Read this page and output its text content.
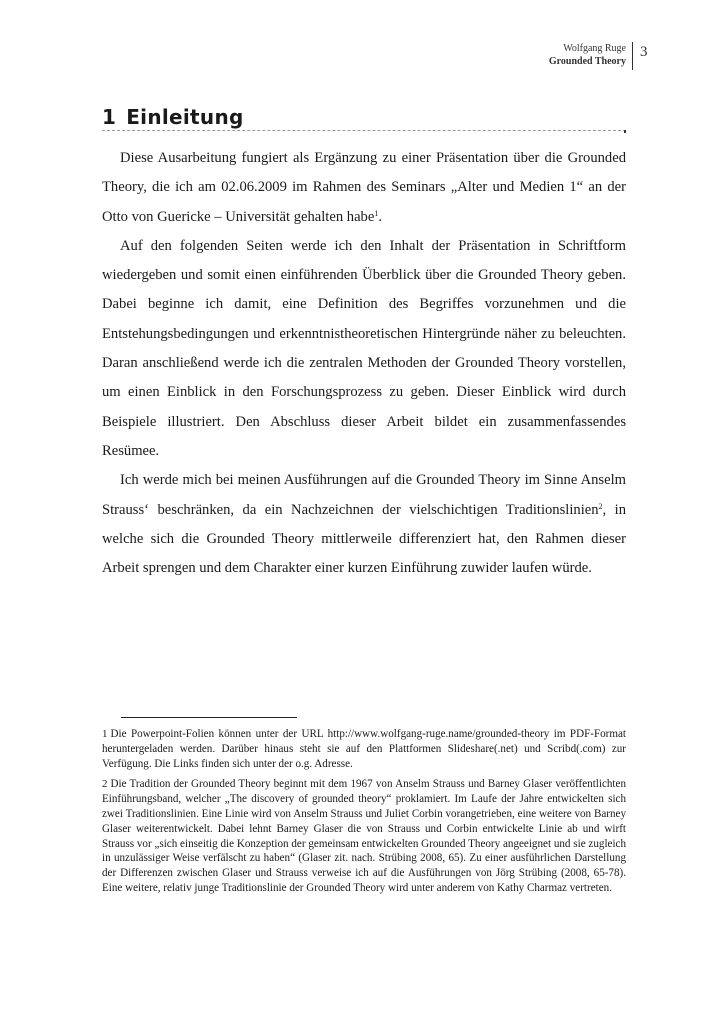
Wolfgang Ruge
Grounded Theory
3
1 Einleitung

Diese Ausarbeitung fungiert als Ergänzung zu einer Präsentation über die Grounded Theory, die ich am 02.06.2009 im Rahmen des Seminars „Alter und Medien 1“ an der Otto von Guericke – Universität gehalten habe$^1$.

Auf den folgenden Seiten werde ich den Inhalt der Präsentation in Schriftform wiedergeben und somit einen einführenden Überblick über die Grounded Theory geben. Dabei beginne ich damit, eine Definition des Begriffes vorzunehmen und die Entstehungsbedingungen und erkenntnistheoretischen Hintergründe näher zu beleuchten. Daran anschließend werde ich die zentralen Methoden der Grounded Theory vorstellen, um einen Einblick in den Forschungsprozess zu geben. Dieser Einblick wird durch Beispiele illustriert. Den Abschluss dieser Arbeit bildet ein zusammenfassendes Resümee.

Ich werde mich bei meinen Ausführungen auf die Grounded Theory im Sinne Anselm Strauss‘ beschränken, da ein Nachzeichnen der vielschichtigen Traditionslinien$^2$, in welche sich die Grounded Theory mittlerweile differenziert hat, den Rahmen dieser Arbeit sprengen und dem Charakter einer kurzen Einführung zuwider laufen würde.

1 Die Powerpoint-Folien können unter der URL http://www.wolfgang-ruge.name/grounded-theory im PDF-Format heruntergeladen werden. Darüber hinaus steht sie auf den Plattformen Slideshare(.net) und Scribd(.com) zur Verfügung. Die Links finden sich unter der o.g. Adresse.

2 Die Tradition der Grounded Theory beginnt mit dem 1967 von Anselm Strauss und Barney Glaser veröffentlichten Einführungsband, welcher „The discovery of grounded theory“ proklamiert. Im Laufe der Jahre entwickelten sich zwei Traditionslinien. Eine Linie wird von Anselm Strauss und Juliet Corbin vorangetrieben, eine weitere von Barney Glaser weiterentwickelt. Dabei lehnt Barney Glaser die von Strauss und Corbin entwickelte Linie ab und wirft Strauss vor „sich einseitig die Konzeption der gemeinsam entwickelten Grounded Theory angeeignet und sie zugleich in unzulässiger Weise verfälscht zu haben“ (Glaser zit. nach. Strübing 2008, 65). Zu einer ausführlichen Darstellung der Differenzen zwischen Glaser und Strauss verweise ich auf die Ausführungen von Jörg Strübing (2008, 65-78). Eine weitere, relativ junge Traditionslinie der Grounded Theory wird unter anderem von Kathy Charmaz vertreten.
